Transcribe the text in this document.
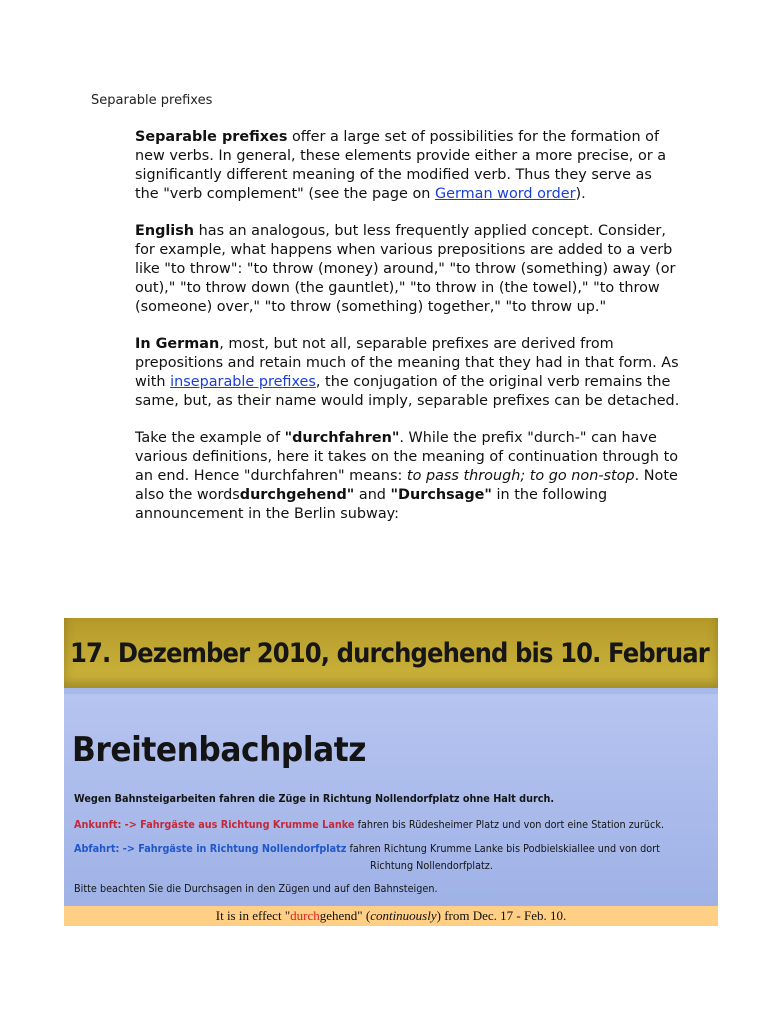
Separable prefixes

Separable prefixes offer a large set of possibilities for the formation of new verbs. In general, these elements provide either a more precise, or a significantly different meaning of the modified verb. Thus they serve as the "verb complement" (see the page on German word order).

English has an analogous, but less frequently applied concept. Consider, for example, what happens when various prepositions are added to a verb like "to throw": "to throw (money) around," "to throw (something) away (or out)," "to throw down (the gauntlet)," "to throw in (the towel)," "to throw (someone) over," "to throw (something) together," "to throw up."

In German, most, but not all, separable prefixes are derived from prepositions and retain much of the meaning that they had in that form. As with inseparable prefixes, the conjugation of the original verb remains the same, but, as their name would imply, separable prefixes can be detached.

Take the example of "durchfahren". While the prefix "durch-" can have various definitions, here it takes on the meaning of continuation through to an end. Hence "durchfahren" means: to pass through; to go non-stop. Note also the wordsdurchgehend" and "Durchsage" in the following announcement in the Berlin subway:

17. Dezember 2010, durchgehend bis 10. Februar
Breitenbachplatz
Wegen Bahnsteigarbeiten fahren die Züge in Richtung Nollendorfplatz ohne Halt durch.
Ankunft: -> Fahrgäste aus Richtung Krumme Lanke fahren bis Rüdesheimer Platz und von dort eine Station zurück.
Abfahrt: -> Fahrgäste in Richtung Nollendorfplatz fahren Richtung Krumme Lanke bis Podbielskiallee und von dort
Richtung Nollendorfplatz.
Bitte beachten Sie die Durchsagen in den Zügen und auf den Bahnsteigen.
It is in effect "durchgehend" (continuously) from Dec. 17 - Feb. 10.
